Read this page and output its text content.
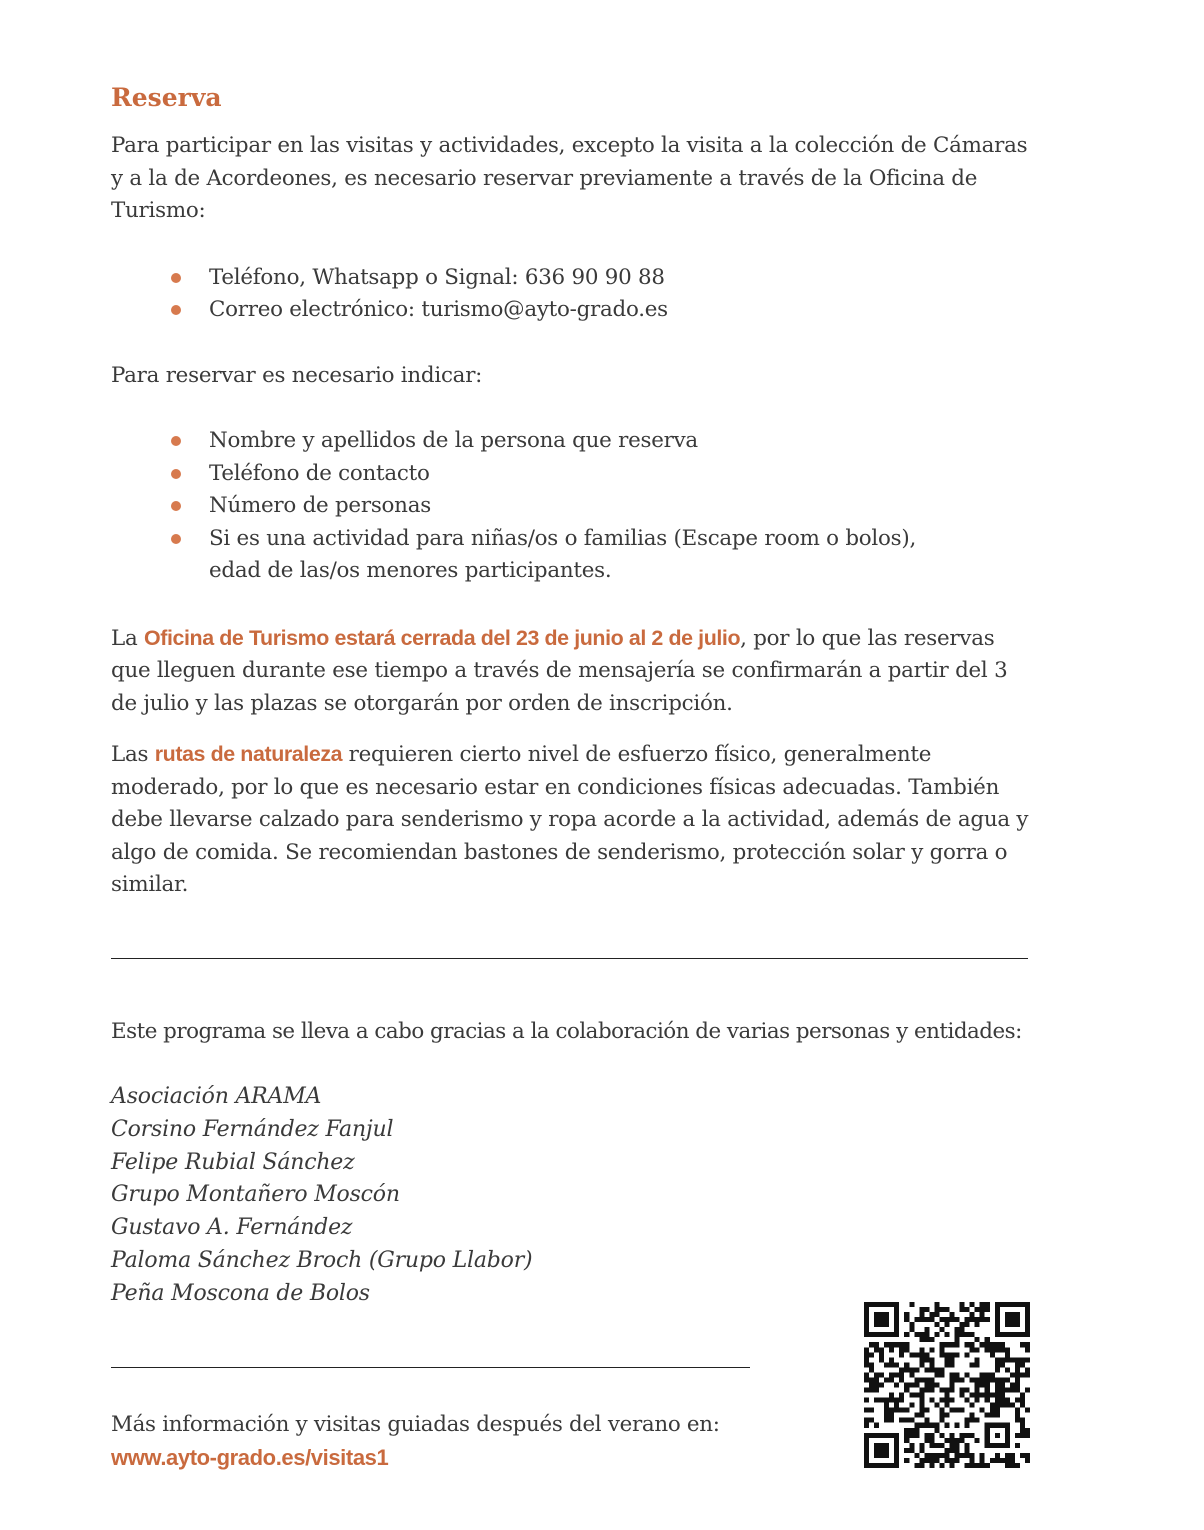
Reserva

Para participar en las visitas y actividades, excepto la visita a la colección de Cámaras y a la de Acordeones, es necesario reservar previamente a través de la Oficina de Turismo:

Teléfono, Whatsapp o Signal: 636 90 90 88
Correo electrónico: turismo@ayto-grado.es

Para reservar es necesario indicar:

Nombre y apellidos de la persona que reserva
Teléfono de contacto
Número de personas
Si es una actividad para niñas/os o familias (Escape room o bolos), edad de las/os menores participantes.

La Oficina de Turismo estará cerrada del 23 de junio al 2 de julio, por lo que las reservas que lleguen durante ese tiempo a través de mensajería se confirmarán a partir del 3 de julio y las plazas se otorgarán por orden de inscripción.

Las rutas de naturaleza requieren cierto nivel de esfuerzo físico, generalmente moderado, por lo que es necesario estar en condiciones físicas adecuadas. También debe llevarse calzado para senderismo y ropa acorde a la actividad, además de agua y algo de comida. Se recomiendan bastones de senderismo, protección solar y gorra o similar.

Este programa se lleva a cabo gracias a la colaboración de varias personas y entidades:

Asociación ARAMA
Corsino Fernández Fanjul
Felipe Rubial Sánchez
Grupo Montañero Moscón
Gustavo A. Fernández
Paloma Sánchez Broch (Grupo Llabor)
Peña Moscona de Bolos

Más información y visitas guiadas después del verano en:

www.ayto-grado.es/visitas1
